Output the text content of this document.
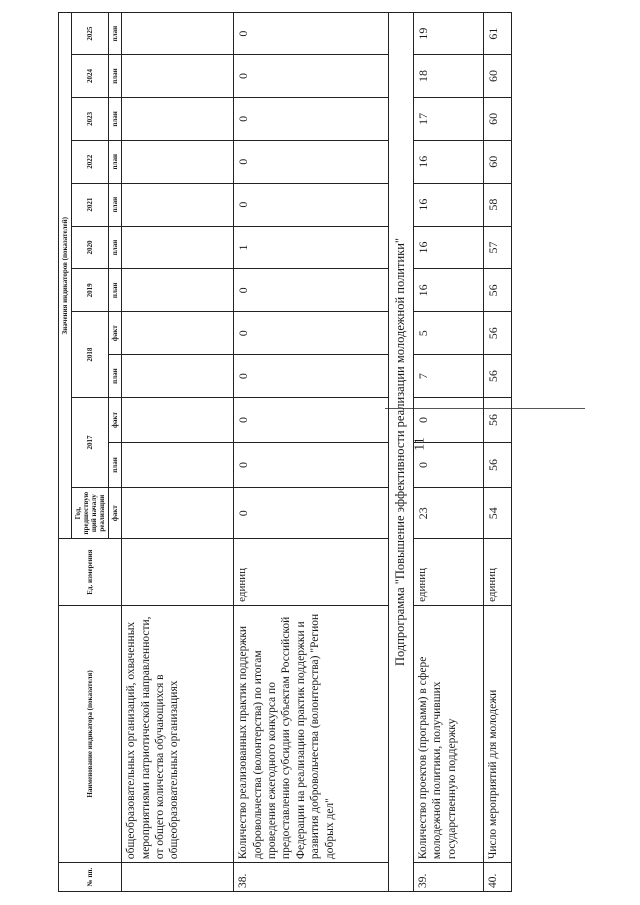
11
№ пп.	Наименование индикатора (показателя)	Ед. измерения	Значения индикаторов (показателей)											
			Год, предшествую щий началу реализации	2017		2018		2019	2020	2021	2022	2023	2024	2025
			факт	план	факт	план	факт	план	план	план	план	план	план	план
	общеобразовательных организаций, охваченных мероприятиями патриотической направленности, от общего количества обучающихся в общеобразовательных организациях													
38.	Количество реализованных практик поддержки добровольчества (волонтерства) по итогам проведения ежегодного конкурса по предоставлению субсидии субъектам Российской Федерации на реализацию практик поддержки и развития добровольчества (волонтерства) "Регион добрых дел"	единиц	0	0	0	0	0	0	1	0	0	0	0	0
Подпрограмма "Повышение эффективности реализации молодежной политики"														
39.	Количество проектов (программ) в сфере молодежной политики, получивших государственную поддержку	единиц	23	0	0	7	5	16	16	16	16	17	18	19
40.	Число мероприятий для молодежи	единиц	54	56	56	56	56	56	57	58	60	60	60	61
